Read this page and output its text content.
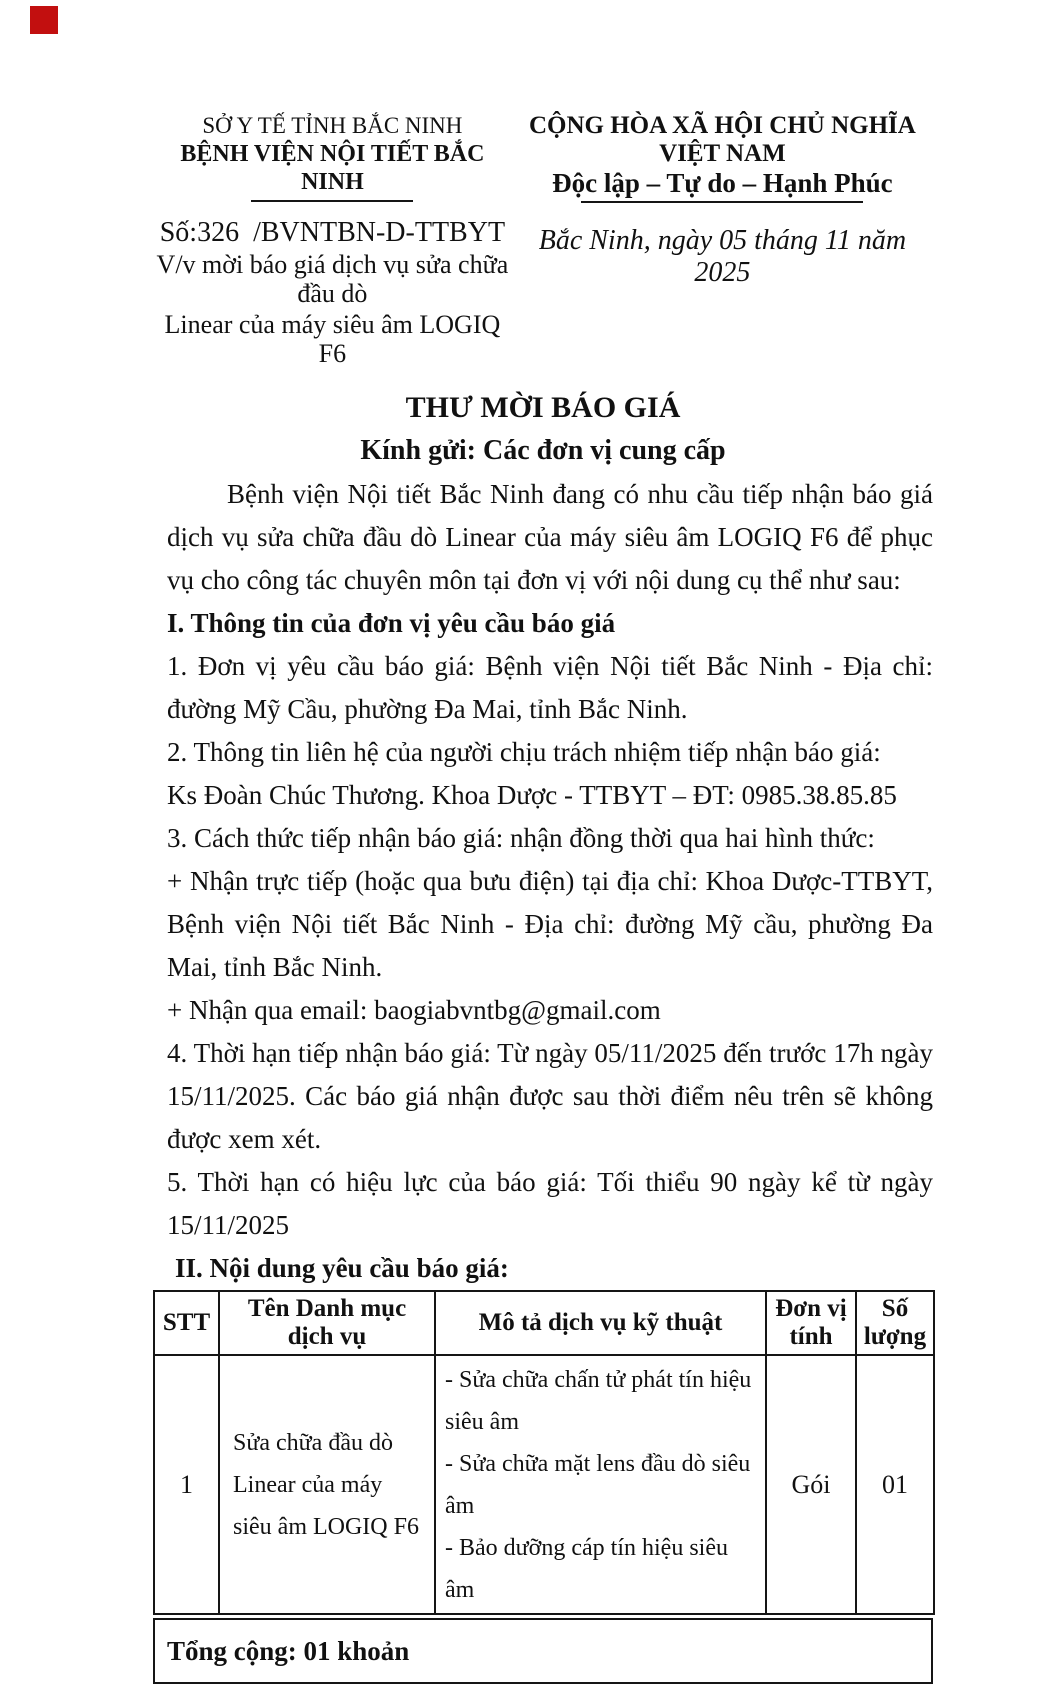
SỞ Y TẾ TỈNH BẮC NINH
BỆNH VIỆN NỘI TIẾT BẮC NINH
Số:326  /BVNTBN-D-TTBYT
V/v mời báo giá dịch vụ sửa chữa đầu dò
Linear của máy siêu âm LOGIQ F6
CỘNG HÒA XÃ HỘI CHỦ NGHĨA VIỆT NAM
Độc lập – Tự do – Hạnh Phúc
Bắc Ninh, ngày 05 tháng 11 năm 2025
THƯ MỜI BÁO GIÁ
Kính gửi: Các đơn vị cung cấp

Bệnh viện Nội tiết Bắc Ninh đang có nhu cầu tiếp nhận báo giá dịch vụ sửa chữa đầu dò Linear của máy siêu âm LOGIQ F6 để phục vụ cho công tác chuyên môn tại đơn vị với nội dung cụ thể như sau:

I. Thông tin của đơn vị yêu cầu báo giá

1. Đơn vị yêu cầu báo giá: Bệnh viện Nội tiết Bắc Ninh - Địa chỉ: đường Mỹ Cầu, phường Đa Mai, tỉnh Bắc Ninh.

2. Thông tin liên hệ của người chịu trách nhiệm tiếp nhận báo giá:

Ks Đoàn Chúc Thương. Khoa Dược - TTBYT – ĐT: 0985.38.85.85

3. Cách thức tiếp nhận báo giá: nhận đồng thời qua hai hình thức:

+ Nhận trực tiếp (hoặc qua bưu điện) tại địa chỉ: Khoa Dược-TTBYT, Bệnh viện Nội tiết Bắc Ninh - Địa chỉ: đường Mỹ cầu, phường Đa Mai, tỉnh Bắc Ninh.

+ Nhận qua email: baogiabvntbg@gmail.com

4. Thời hạn tiếp nhận báo giá: Từ ngày 05/11/2025 đến trước 17h ngày 15/11/2025. Các báo giá nhận được sau thời điểm nêu trên sẽ không được xem xét.

5. Thời hạn có hiệu lực của báo giá: Tối thiểu 90 ngày kể từ ngày 15/11/2025

II. Nội dung yêu cầu báo giá:

STT	Tên Danh mục dịch vụ	Mô tả dịch vụ kỹ thuật	Đơn vị tính	Số lượng
1	Sửa chữa đầu dò Linear của máy siêu âm LOGIQ F6	- Sửa chữa chấn tử phát tín hiệu siêu âm
- Sửa chữa mặt lens đầu dò siêu âm
- Bảo dưỡng cáp tín hiệu siêu âm	Gói	01
Tổng cộng: 01 khoản
